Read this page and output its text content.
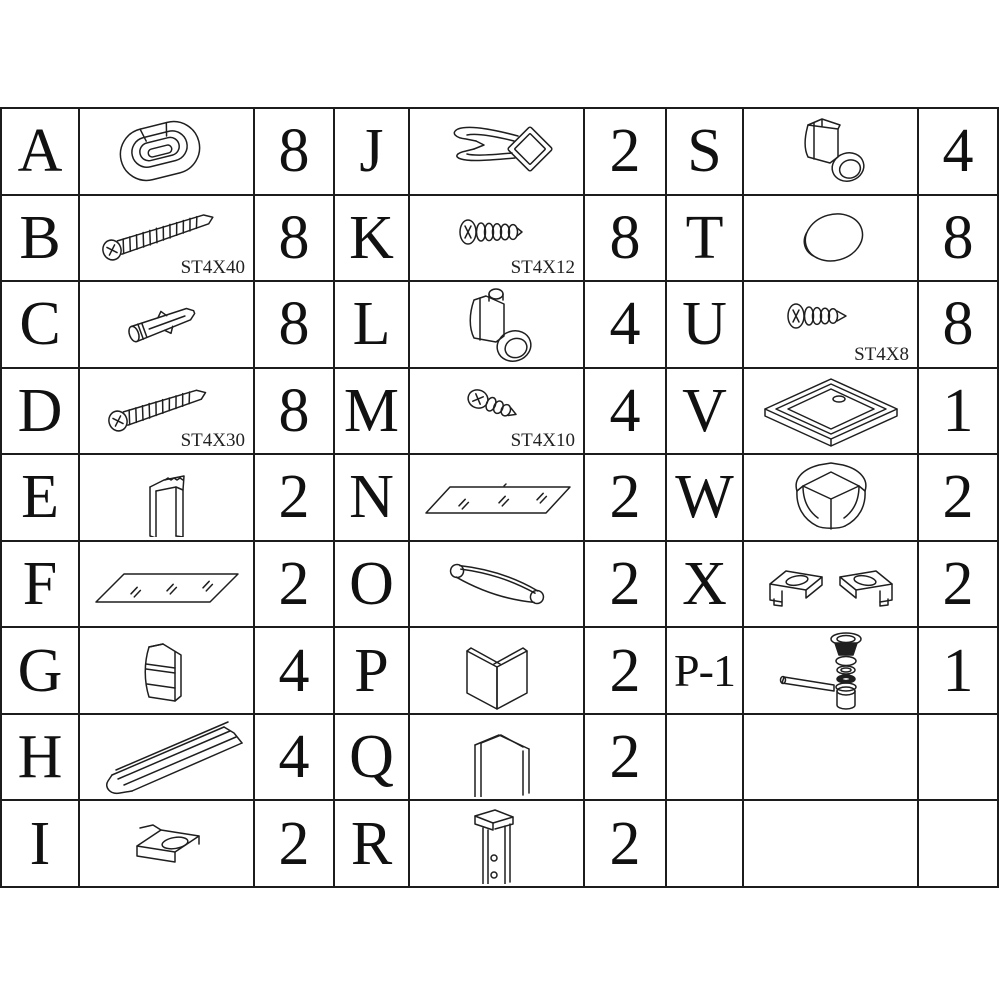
A		8	J		2	S		4
B	ST4X40	8	K	ST4X12	8	T		8
C		8	L		4	U	ST4X8	8
D	ST4X30	8	M	ST4X10	4	V		1
E		2	N		2	W		2
F		2	O		2	X		2
G		4	P		2	P-1		1
H		4	Q		2			
I		2	R		2			
